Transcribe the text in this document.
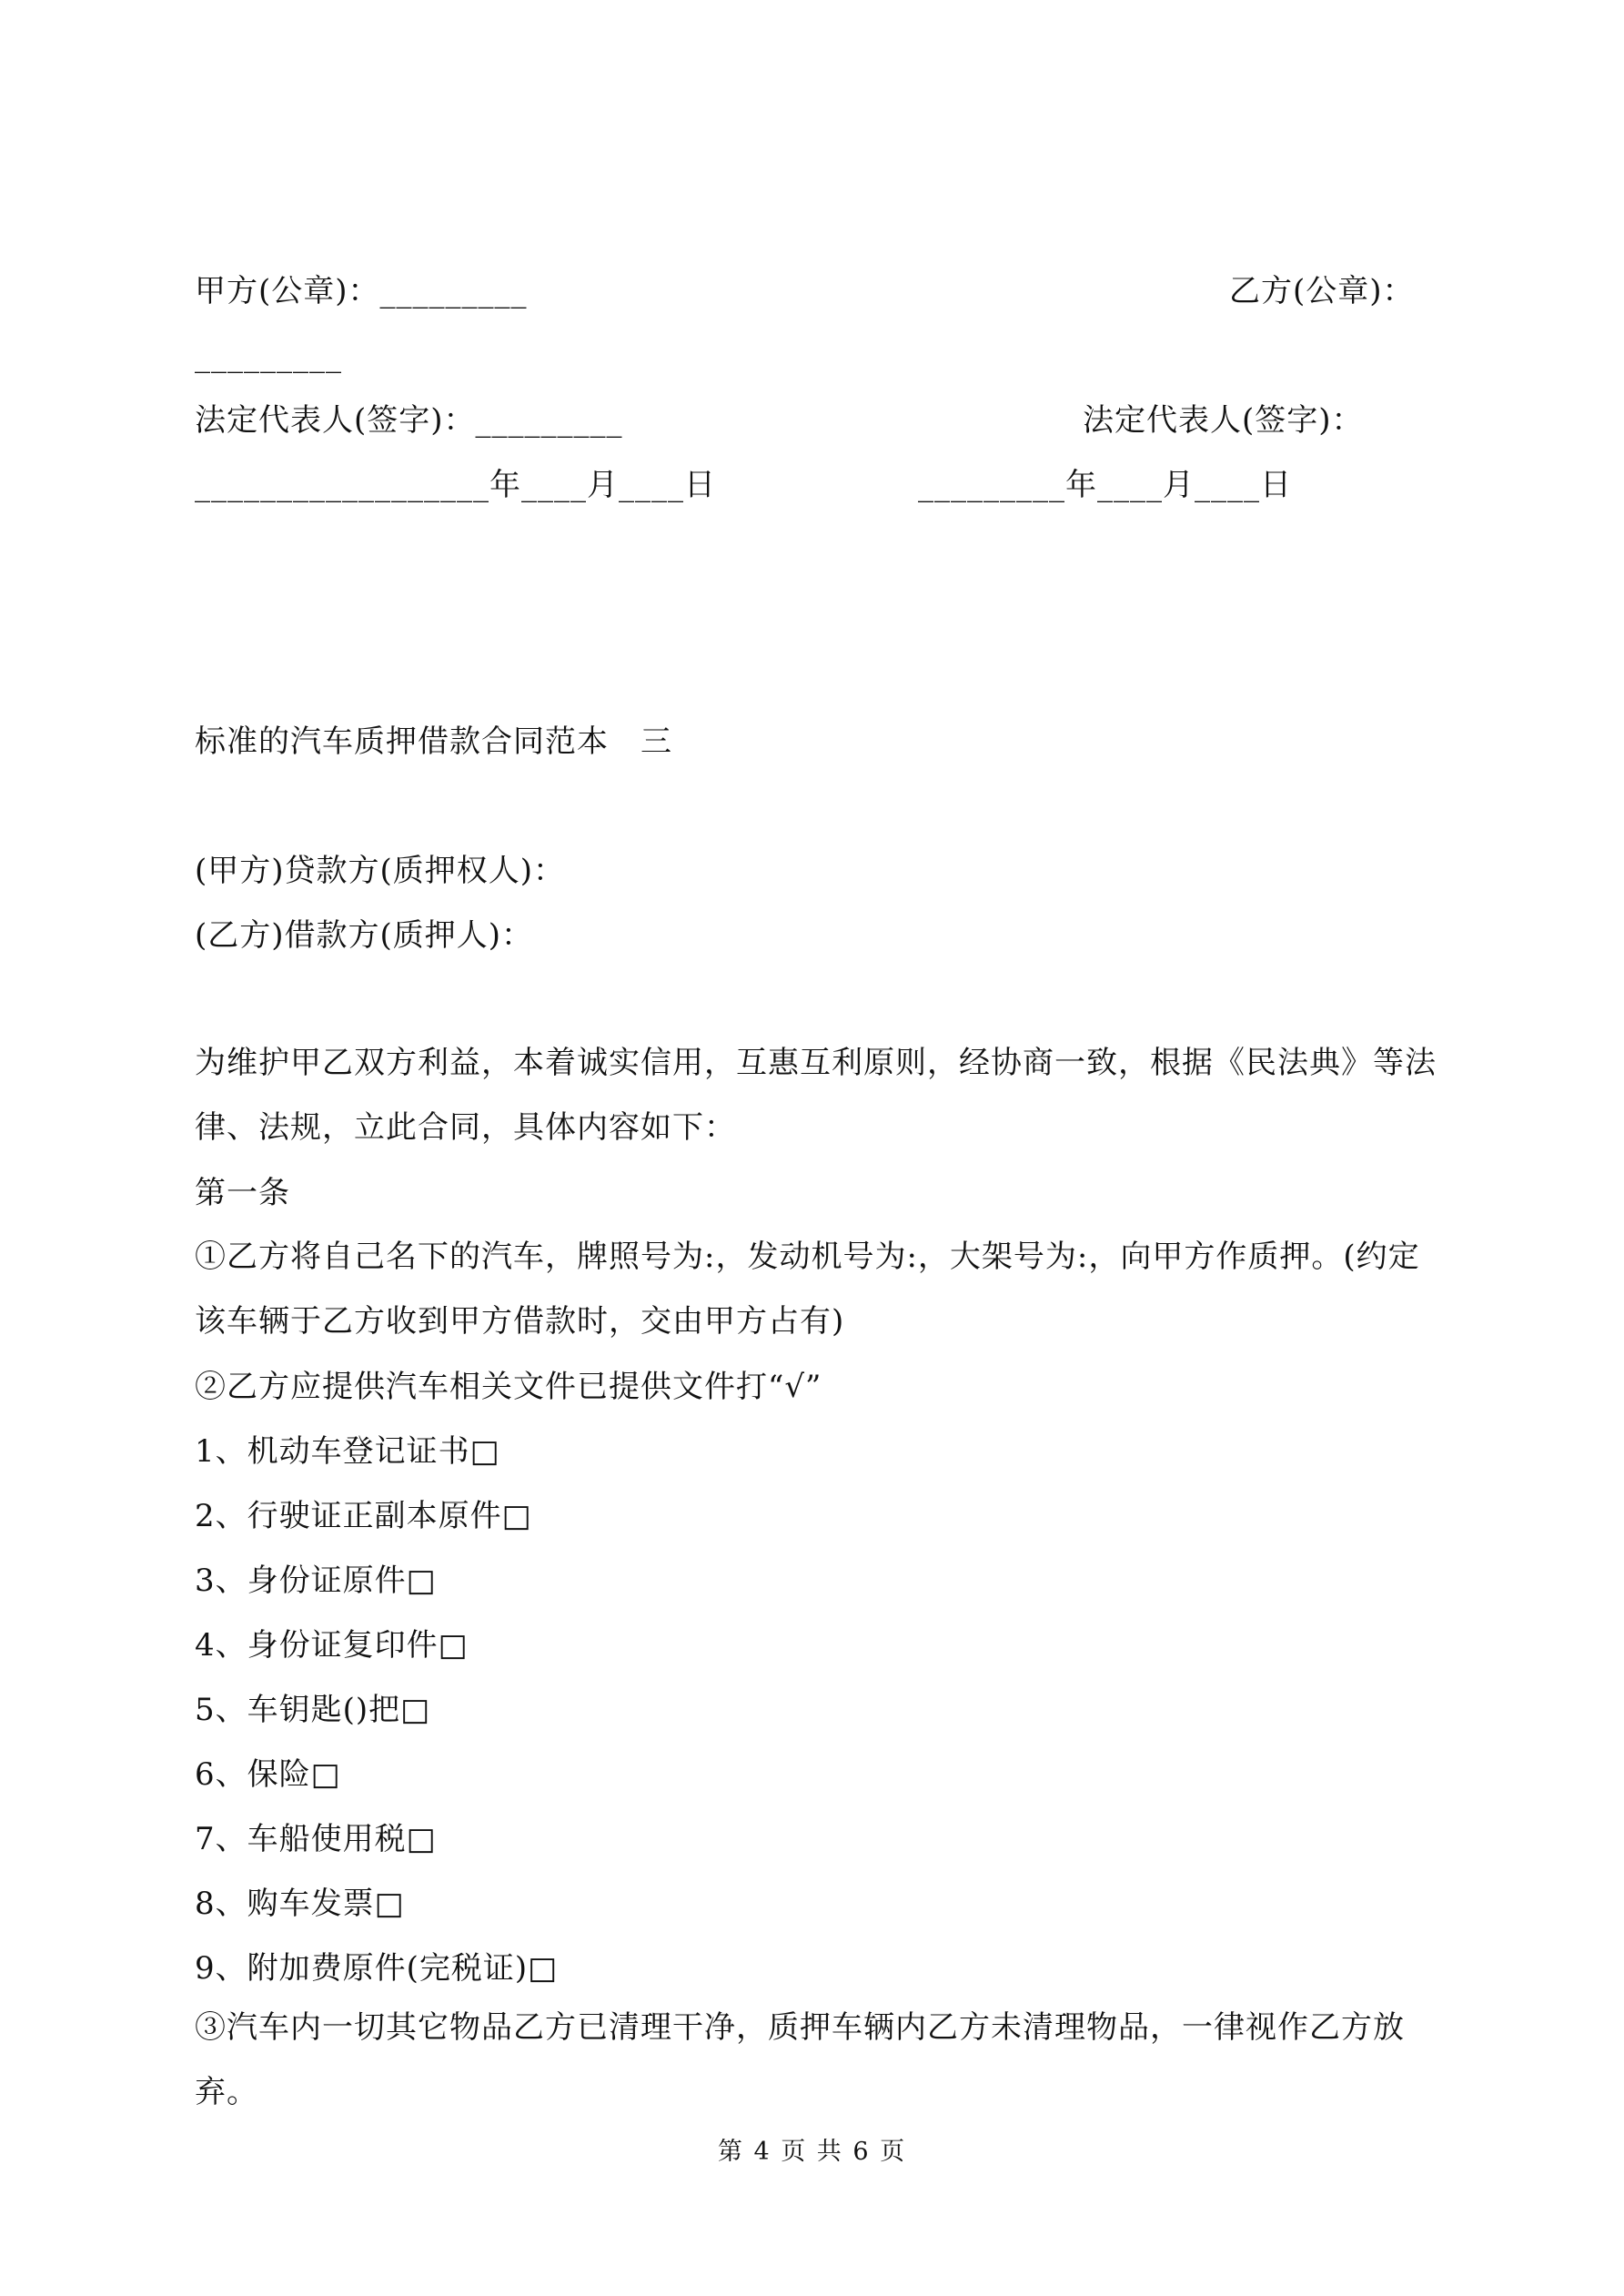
甲方(公章)：_________	乙方(公章)：
_________
法定代表人(签字)：_________	法定代表人(签字)：
__________________年____月____日	_________年____月____日
标准的汽车质押借款合同范本　三
(甲方)贷款方(质押权人)：
(乙方)借款方(质押人)：
为维护甲乙双方利益，本着诚实信用，互惠互利原则，经协商一致，根据《民法典》等法律、法规，立此合同，具体内容如下：
第一条
①乙方将自己名下的汽车，牌照号为:，发动机号为:，大架号为:，向甲方作质押。(约定该车辆于乙方收到甲方借款时，交由甲方占有)
②乙方应提供汽车相关文件已提供文件打“√”
1、机动车登记证书□
2、行驶证正副本原件□
3、身份证原件□
4、身份证复印件□
5、车钥匙()把□
6、保险□
7、车船使用税□
8、购车发票□
9、附加费原件(完税证)□
③汽车内一切其它物品乙方已清理干净，质押车辆内乙方未清理物品，一律视作乙方放弃。
第 4 页 共 6 页
